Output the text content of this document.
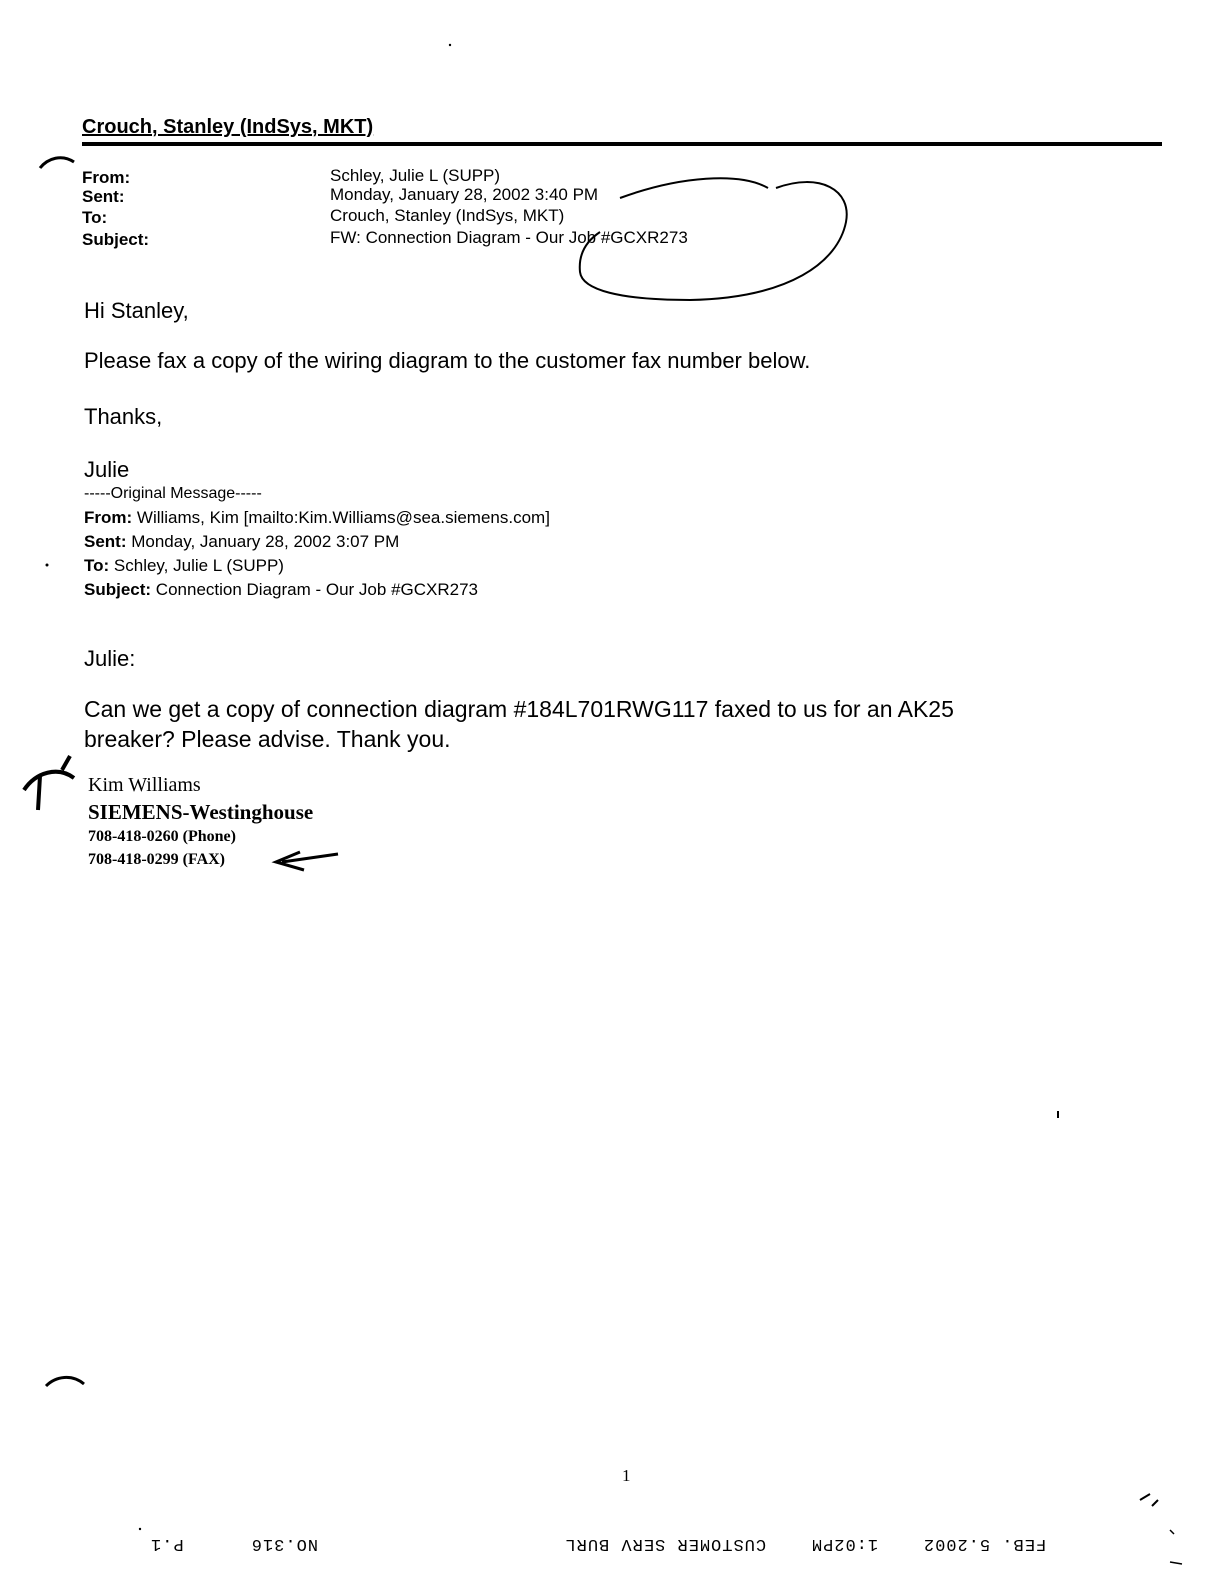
Crouch, Stanley (IndSys, MKT)
From:	Schley, Julie L (SUPP)
Sent:	Monday, January 28, 2002 3:40 PM
To:	Crouch, Stanley (IndSys, MKT)
Subject:	FW: Connection Diagram - Our Job #GCXR273
Hi Stanley,
Please fax a copy of the wiring diagram to the customer fax number below.
Thanks,
Julie
-----Original Message-----
From: Williams, Kim [mailto:Kim.Williams@sea.siemens.com]
Sent: Monday, January 28, 2002 3:07 PM
To: Schley, Julie L (SUPP)
Subject: Connection Diagram - Our Job #GCXR273
Julie:
Can we get a copy of connection diagram #184L701RWG117 faxed to us for an AK25
breaker? Please advise. Thank you.
Kim Williams
SIEMENS-Westinghouse
708-418-0260 (Phone)
708-418-0299 (FAX)
1
FEB. 5.2002    1:02PM    CUSTOMER SERV BURL                      NO.316      P.1
